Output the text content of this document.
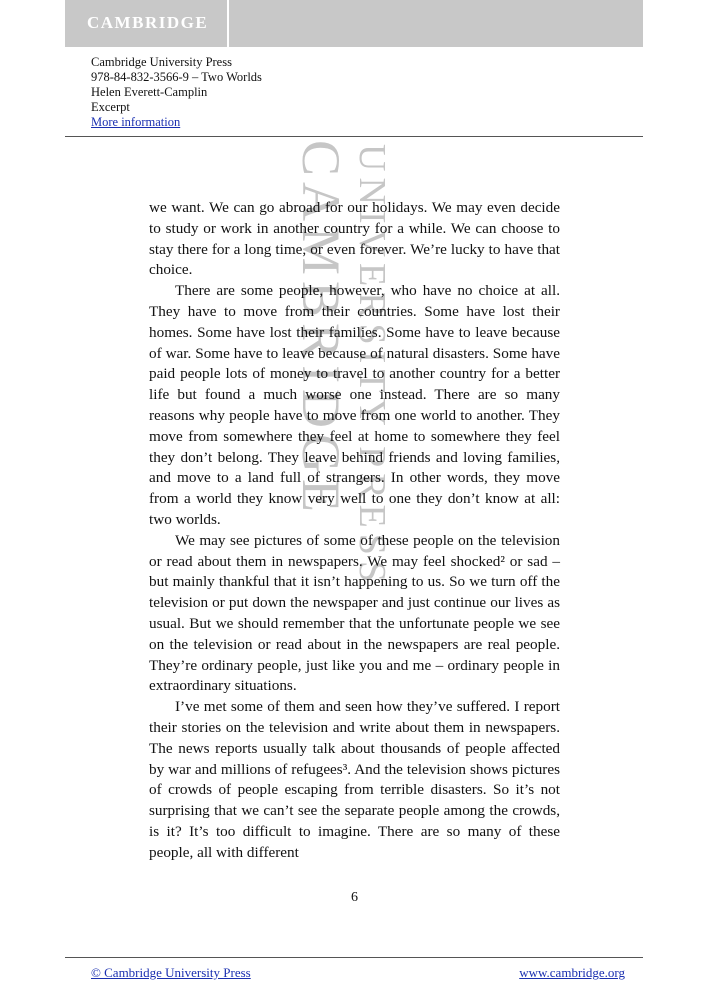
CAMBRIDGE
Cambridge University Press
978-84-832-3566-9 – Two Worlds
Helen Everett-Camplin
Excerpt
More information
CAMBRIDGE UNIVERSITY PRESS

we want. We can go abroad for our holidays. We may even decide to study or work in another country for a while. We can choose to stay there for a long time, or even forever. We’re lucky to have that choice.

There are some people, however, who have no choice at all. They have to move from their countries. Some have lost their homes. Some have lost their families. Some have to leave because of war. Some have to leave because of natural disasters. Some have paid people lots of money to travel to another country for a better life but found a much worse one instead. There are so many reasons why people have to move from one world to another. They move from somewhere they feel at home to somewhere they feel they don’t belong. They leave behind friends and loving families, and move to a land full of strangers. In other words, they move from a world they know very well to one they don’t know at all: two worlds.

We may see pictures of some of these people on the television or read about them in newspapers. We may feel shocked² or sad – but mainly thankful that it isn’t happening to us. So we turn off the television or put down the newspaper and just continue our lives as usual. But we should remember that the unfortunate people we see on the television or read about in the newspapers are real people. They’re ordinary people, just like you and me – ordinary people in extraordinary situations.

I’ve met some of them and seen how they’ve suffered. I report their stories on the television and write about them in newspapers. The news reports usually talk about thousands of people affected by war and millions of refugees³. And the television shows pictures of crowds of people escaping from terrible disasters. So it’s not surprising that we can’t see the separate people among the crowds, is it? It’s too difficult to imagine. There are so many of these people, all with different

6
© Cambridge University Press	www.cambridge.org
